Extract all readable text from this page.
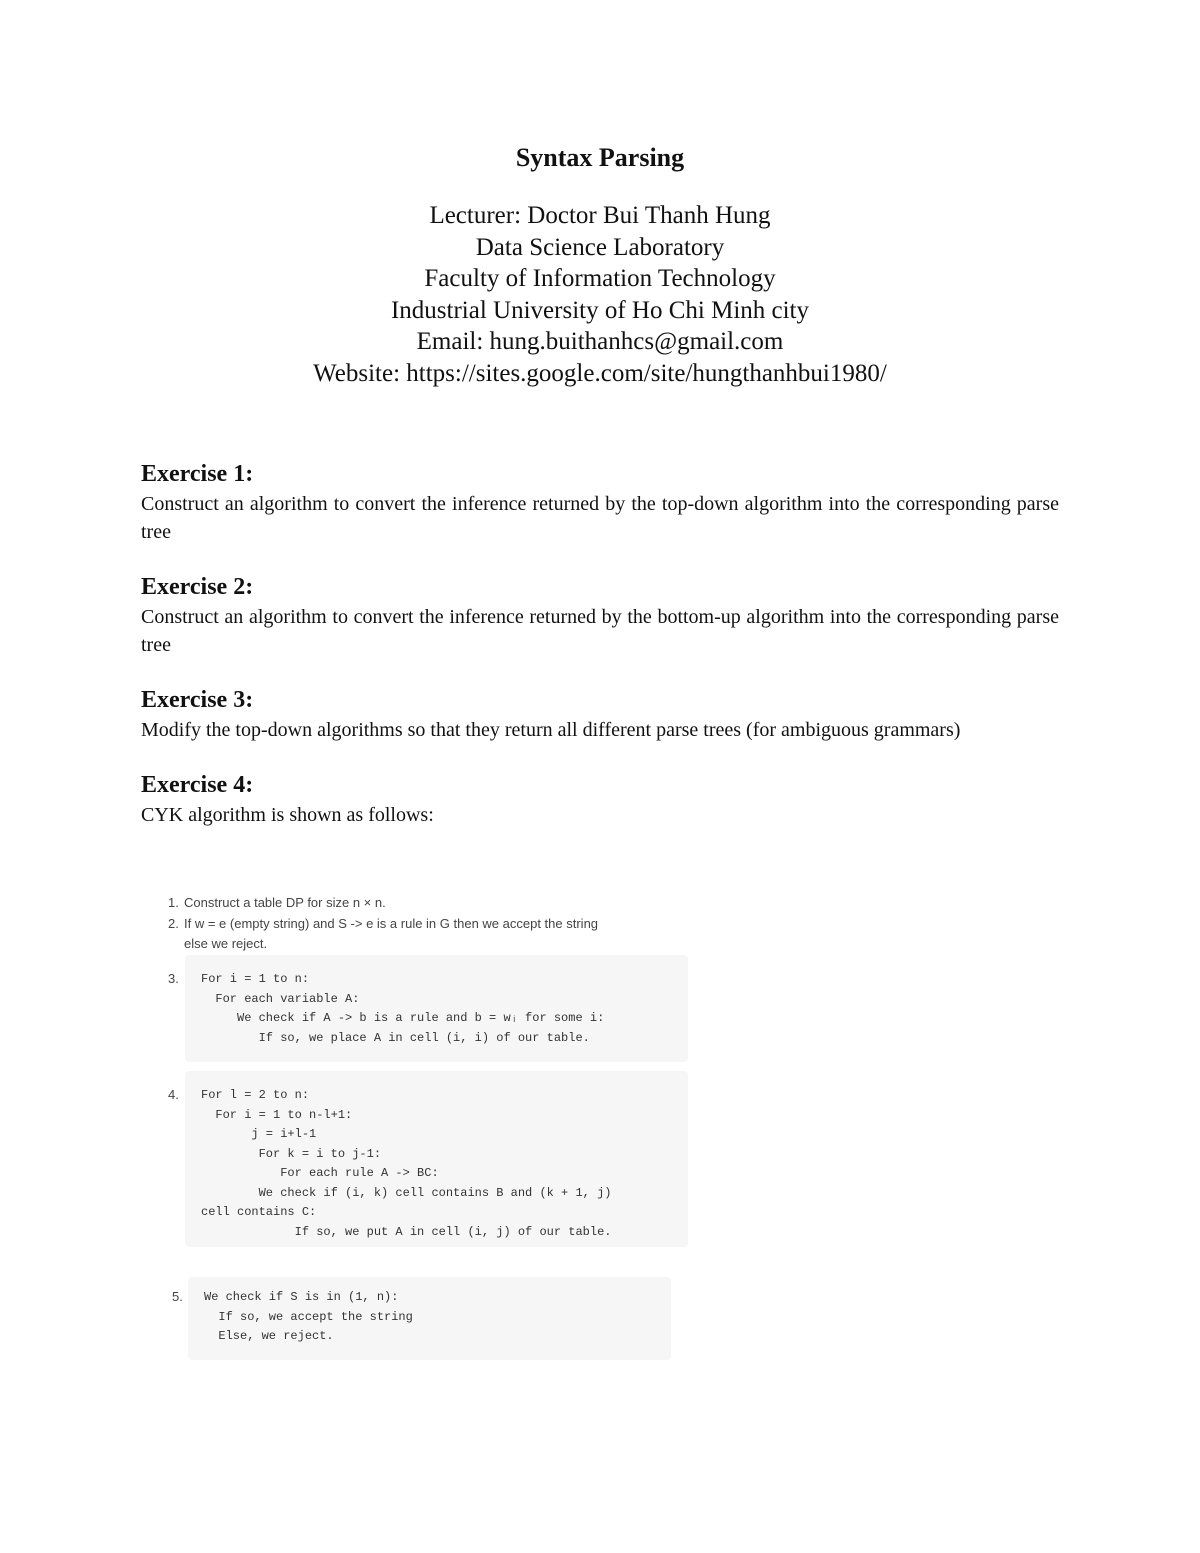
Syntax Parsing
Lecturer: Doctor Bui Thanh Hung
Data Science Laboratory
Faculty of Information Technology
Industrial University of Ho Chi Minh city
Email: hung.buithanhcs@gmail.com
Website: https://sites.google.com/site/hungthanhbui1980/
Exercise 1:

Construct an algorithm to convert the inference returned by the top-down algorithm into the corresponding parse tree

Exercise 2:

Construct an algorithm to convert the inference returned by the bottom-up algorithm into the corresponding parse tree

Exercise 3:

Modify the top-down algorithms so that they return all different parse trees (for ambiguous grammars)

Exercise 4:

CYK algorithm is shown as follows:

1. Construct a table DP for size n × n.
2. If w = e (empty string) and S -> e is a rule in G then we accept the string
else we reject.
3.	For i = 1 to n:
For each variable A:
We check if A -> b is a rule and b = wᵢ for some i:
If so, we place A in cell (i, i) of our table.
4.	For l = 2 to n:
For i = 1 to n-l+1:
j = i+l-1
For k = i to j-1:
For each rule A -> BC:
We check if (i, k) cell contains B and (k + 1, j)
cell contains C:
If so, we put A in cell (i, j) of our table.
5.	We check if S is in (1, n):
If so, we accept the string
Else, we reject.
